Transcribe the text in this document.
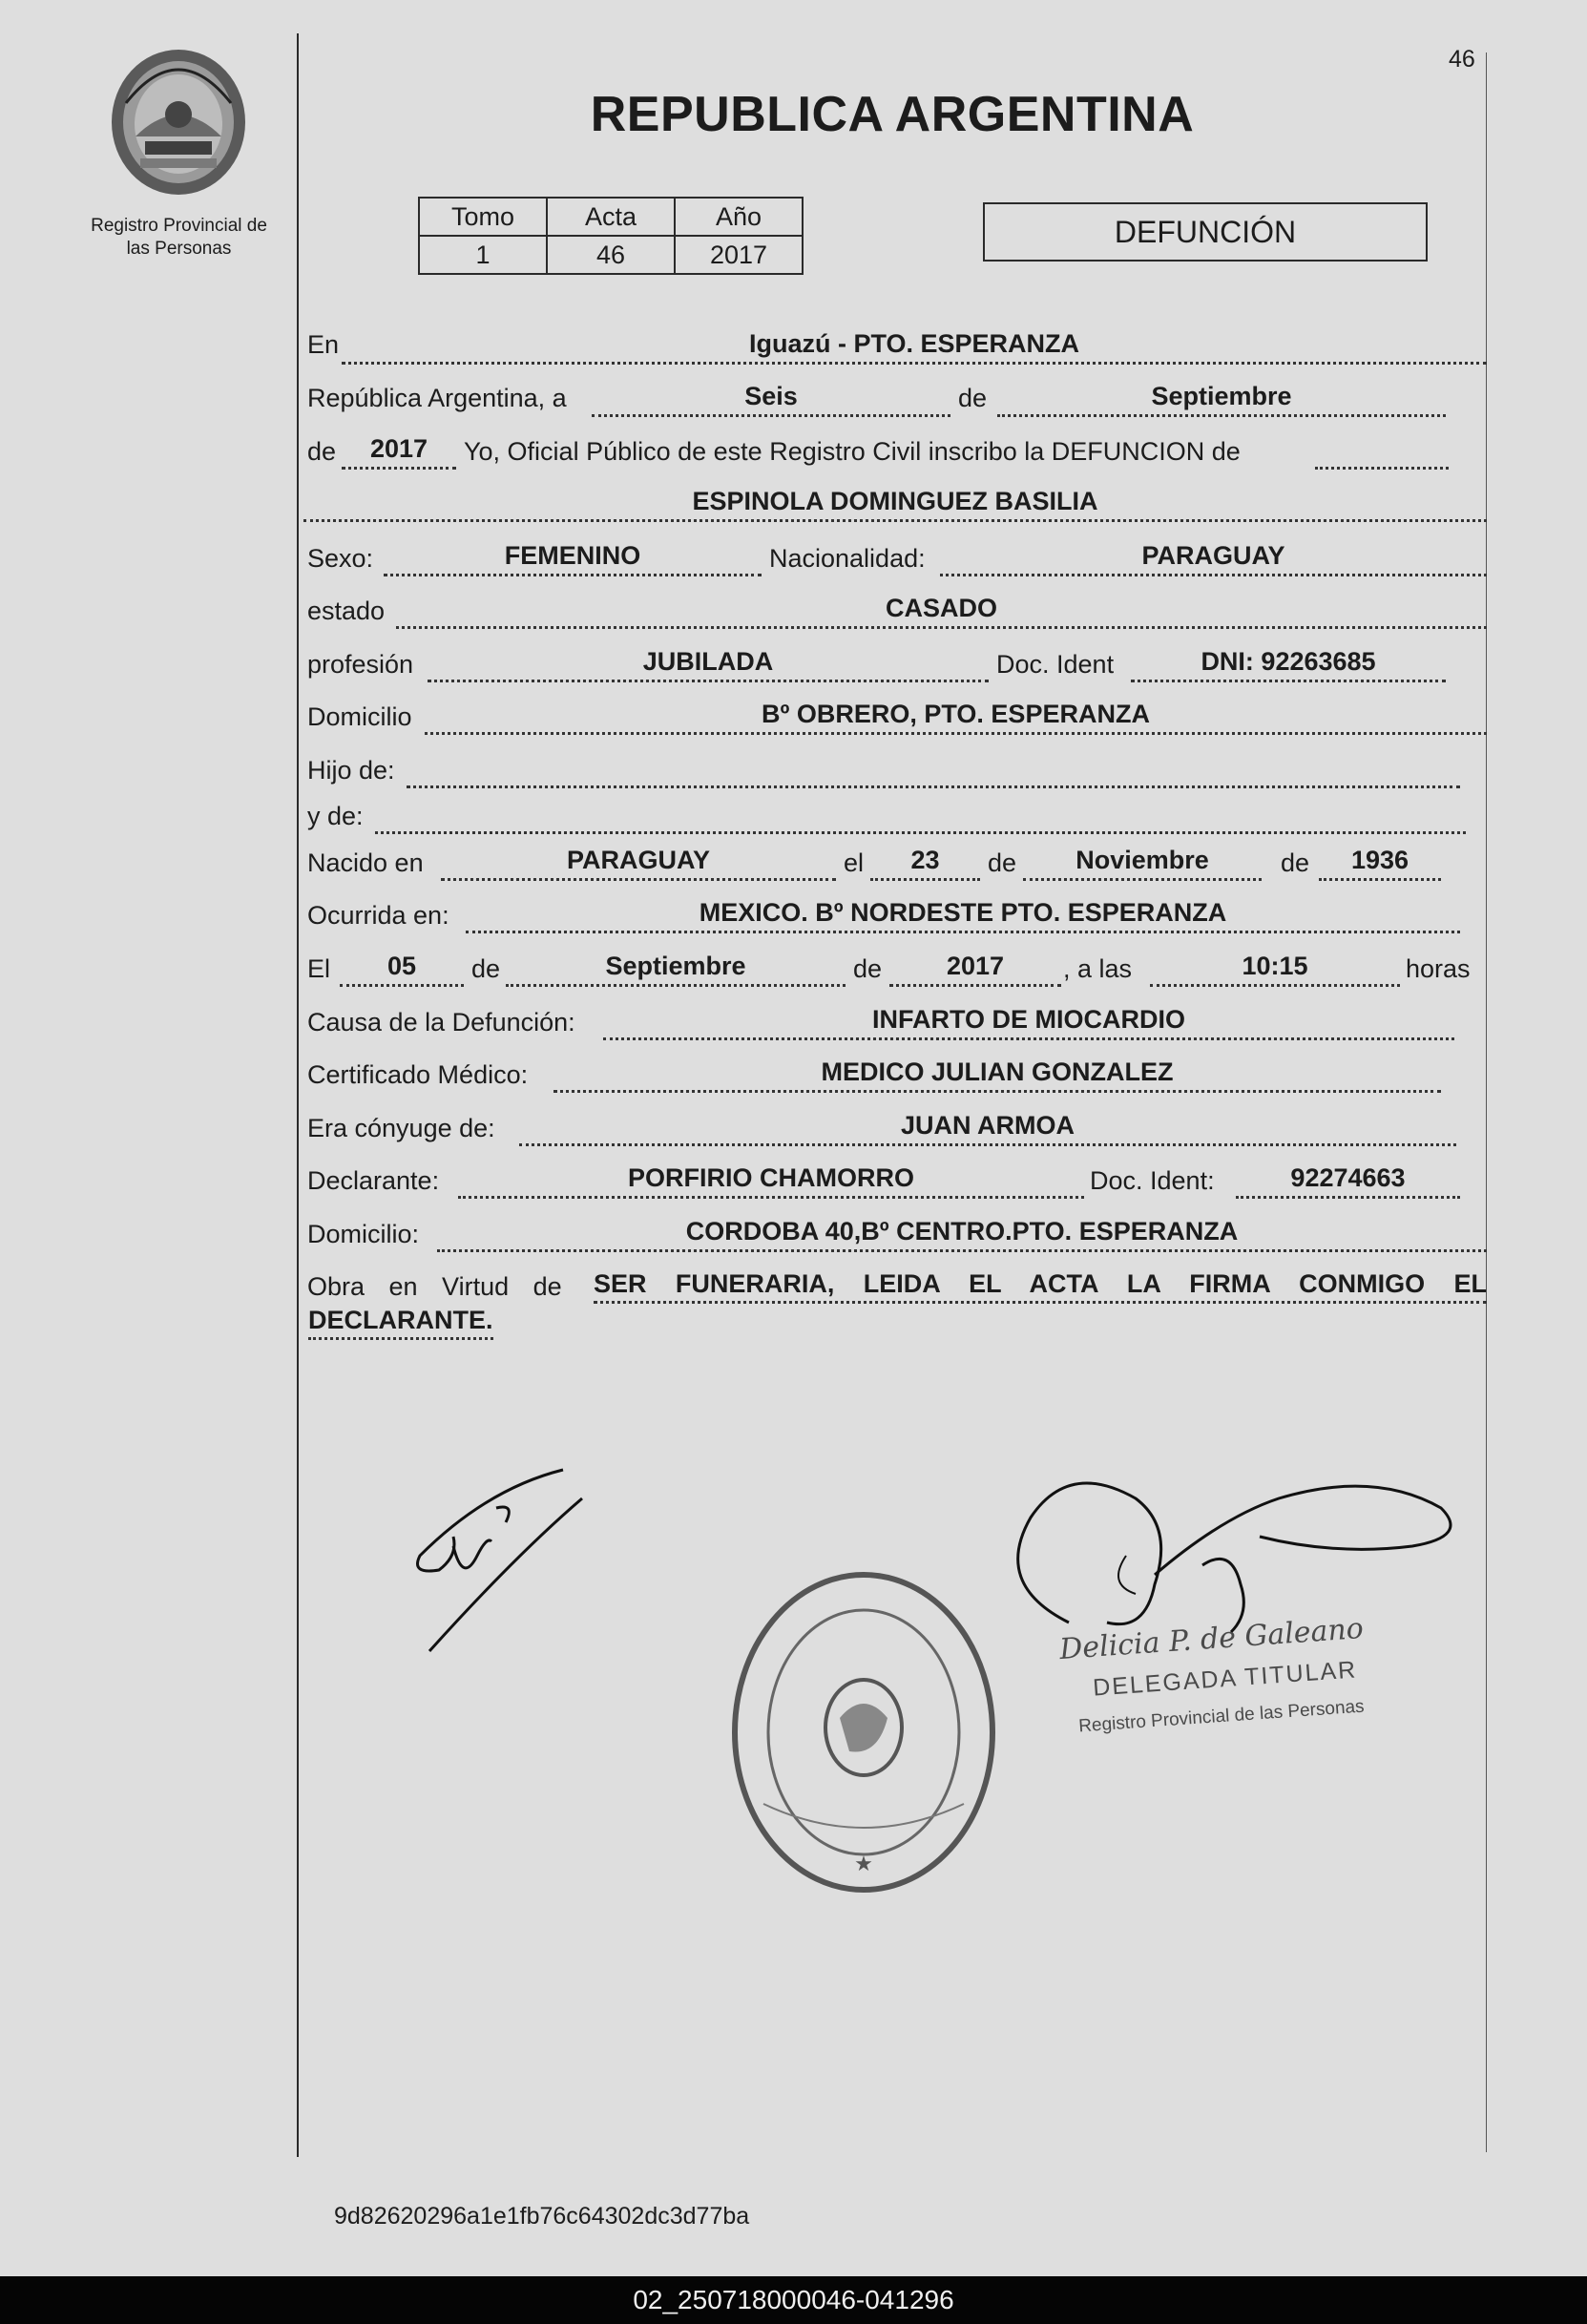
46
Registro Provincial de
las Personas
REPUBLICA ARGENTINA
Tomo	Acta	Año
1	46	2017
DEFUNCIÓN
En	Iguazú - PTO. ESPERANZA
República Argentina, a	Seis	de	Septiembre
de	2017	Yo, Oficial Público de este Registro Civil inscribo la DEFUNCION de
ESPINOLA DOMINGUEZ BASILIA
Sexo:	FEMENINO	Nacionalidad:	PARAGUAY
estado	CASADO
profesión	JUBILADA	Doc. Ident	DNI: 92263685
Domicilio	Bº OBRERO, PTO. ESPERANZA
Hijo de:
y de:
Nacido en	PARAGUAY	el	23	de	Noviembre	de	1936
Ocurrida en:	MEXICO. Bº NORDESTE PTO. ESPERANZA
El	05	de	Septiembre	de	2017	, a las	10:15	horas
Causa de la Defunción:	INFARTO DE MIOCARDIO
Certificado Médico:	MEDICO JULIAN GONZALEZ
Era cónyuge de:	JUAN ARMOA
Declarante:	PORFIRIO CHAMORRO	Doc. Ident:	92274663
Domicilio:	CORDOBA 40,Bº CENTRO.PTO. ESPERANZA
Obra en Virtud de SER FUNERARIA, LEIDA EL ACTA LA FIRMA CONMIGO EL
DECLARANTE.
★
Delicia P. de Galeano
DELEGADA TITULAR
Registro Provincial de las Personas
9d82620296a1e1fb76c64302dc3d77ba
02_250718000046-041296
